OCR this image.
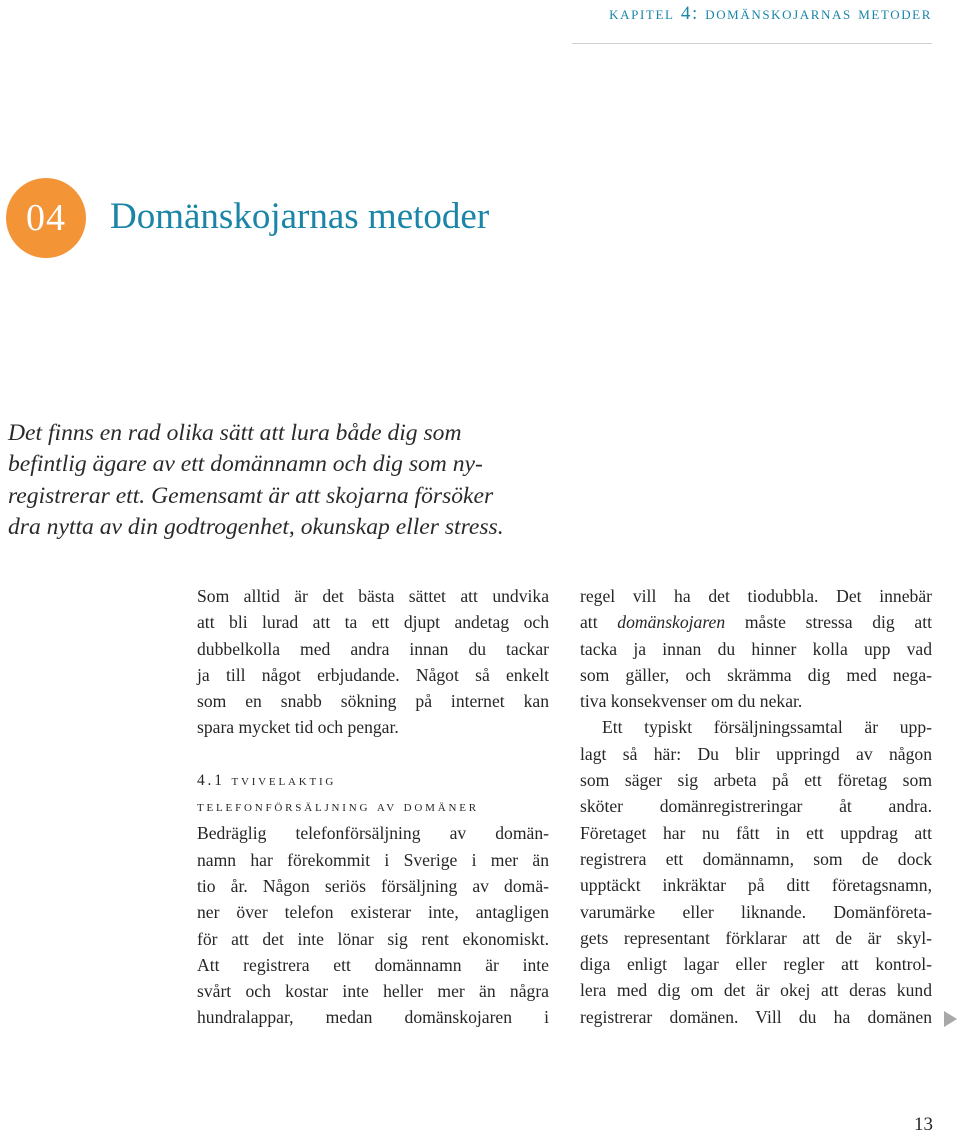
kapitel 4: domänskojarnas metoder
04	Domänskojarnas metoder

Det finns en rad olika sätt att lura både dig som
befintlig ägare av ett domännamn och dig som ny-
registrerar ett. Gemensamt är att skojarna försöker
dra nytta av din godtrogenhet, okunskap eller stress.

Som alltid är det bästa sättet att undvika
att bli lurad att ta ett djupt andetag och
dubbelkolla med andra innan du tackar
ja till något erbjudande. Något så enkelt
som en snabb sökning på internet kan
spara mycket tid och pengar.
4.1 tvivelaktig
telefonförsäljning av domäner
Bedräglig telefonförsäljning av domän-
namn har förekommit i Sverige i mer än
tio år. Någon seriös försäljning av domä-
ner över telefon existerar inte, antagligen
för att det inte lönar sig rent ekonomiskt.
Att registrera ett domännamn är inte
svårt och kostar inte heller mer än några
hundralappar, medan domänskojaren i
regel vill ha det tiodubbla. Det innebär
att domänskojaren måste stressa dig att
tacka ja innan du hinner kolla upp vad
som gäller, och skrämma dig med nega-
tiva konsekvenser om du nekar.
Ett typiskt försäljningssamtal är upp-
lagt så här: Du blir uppringd av någon
som säger sig arbeta på ett företag som
sköter domänregistreringar åt andra.
Företaget har nu fått in ett uppdrag att
registrera ett domännamn, som de dock
upptäckt inkräktar på ditt företagsnamn,
varumärke eller liknande. Domänföreta-
gets representant förklarar att de är skyl-
diga enligt lagar eller regler att kontrol-
lera med dig om det är okej att deras kund
registrerar domänen. Vill du ha domänen
13
